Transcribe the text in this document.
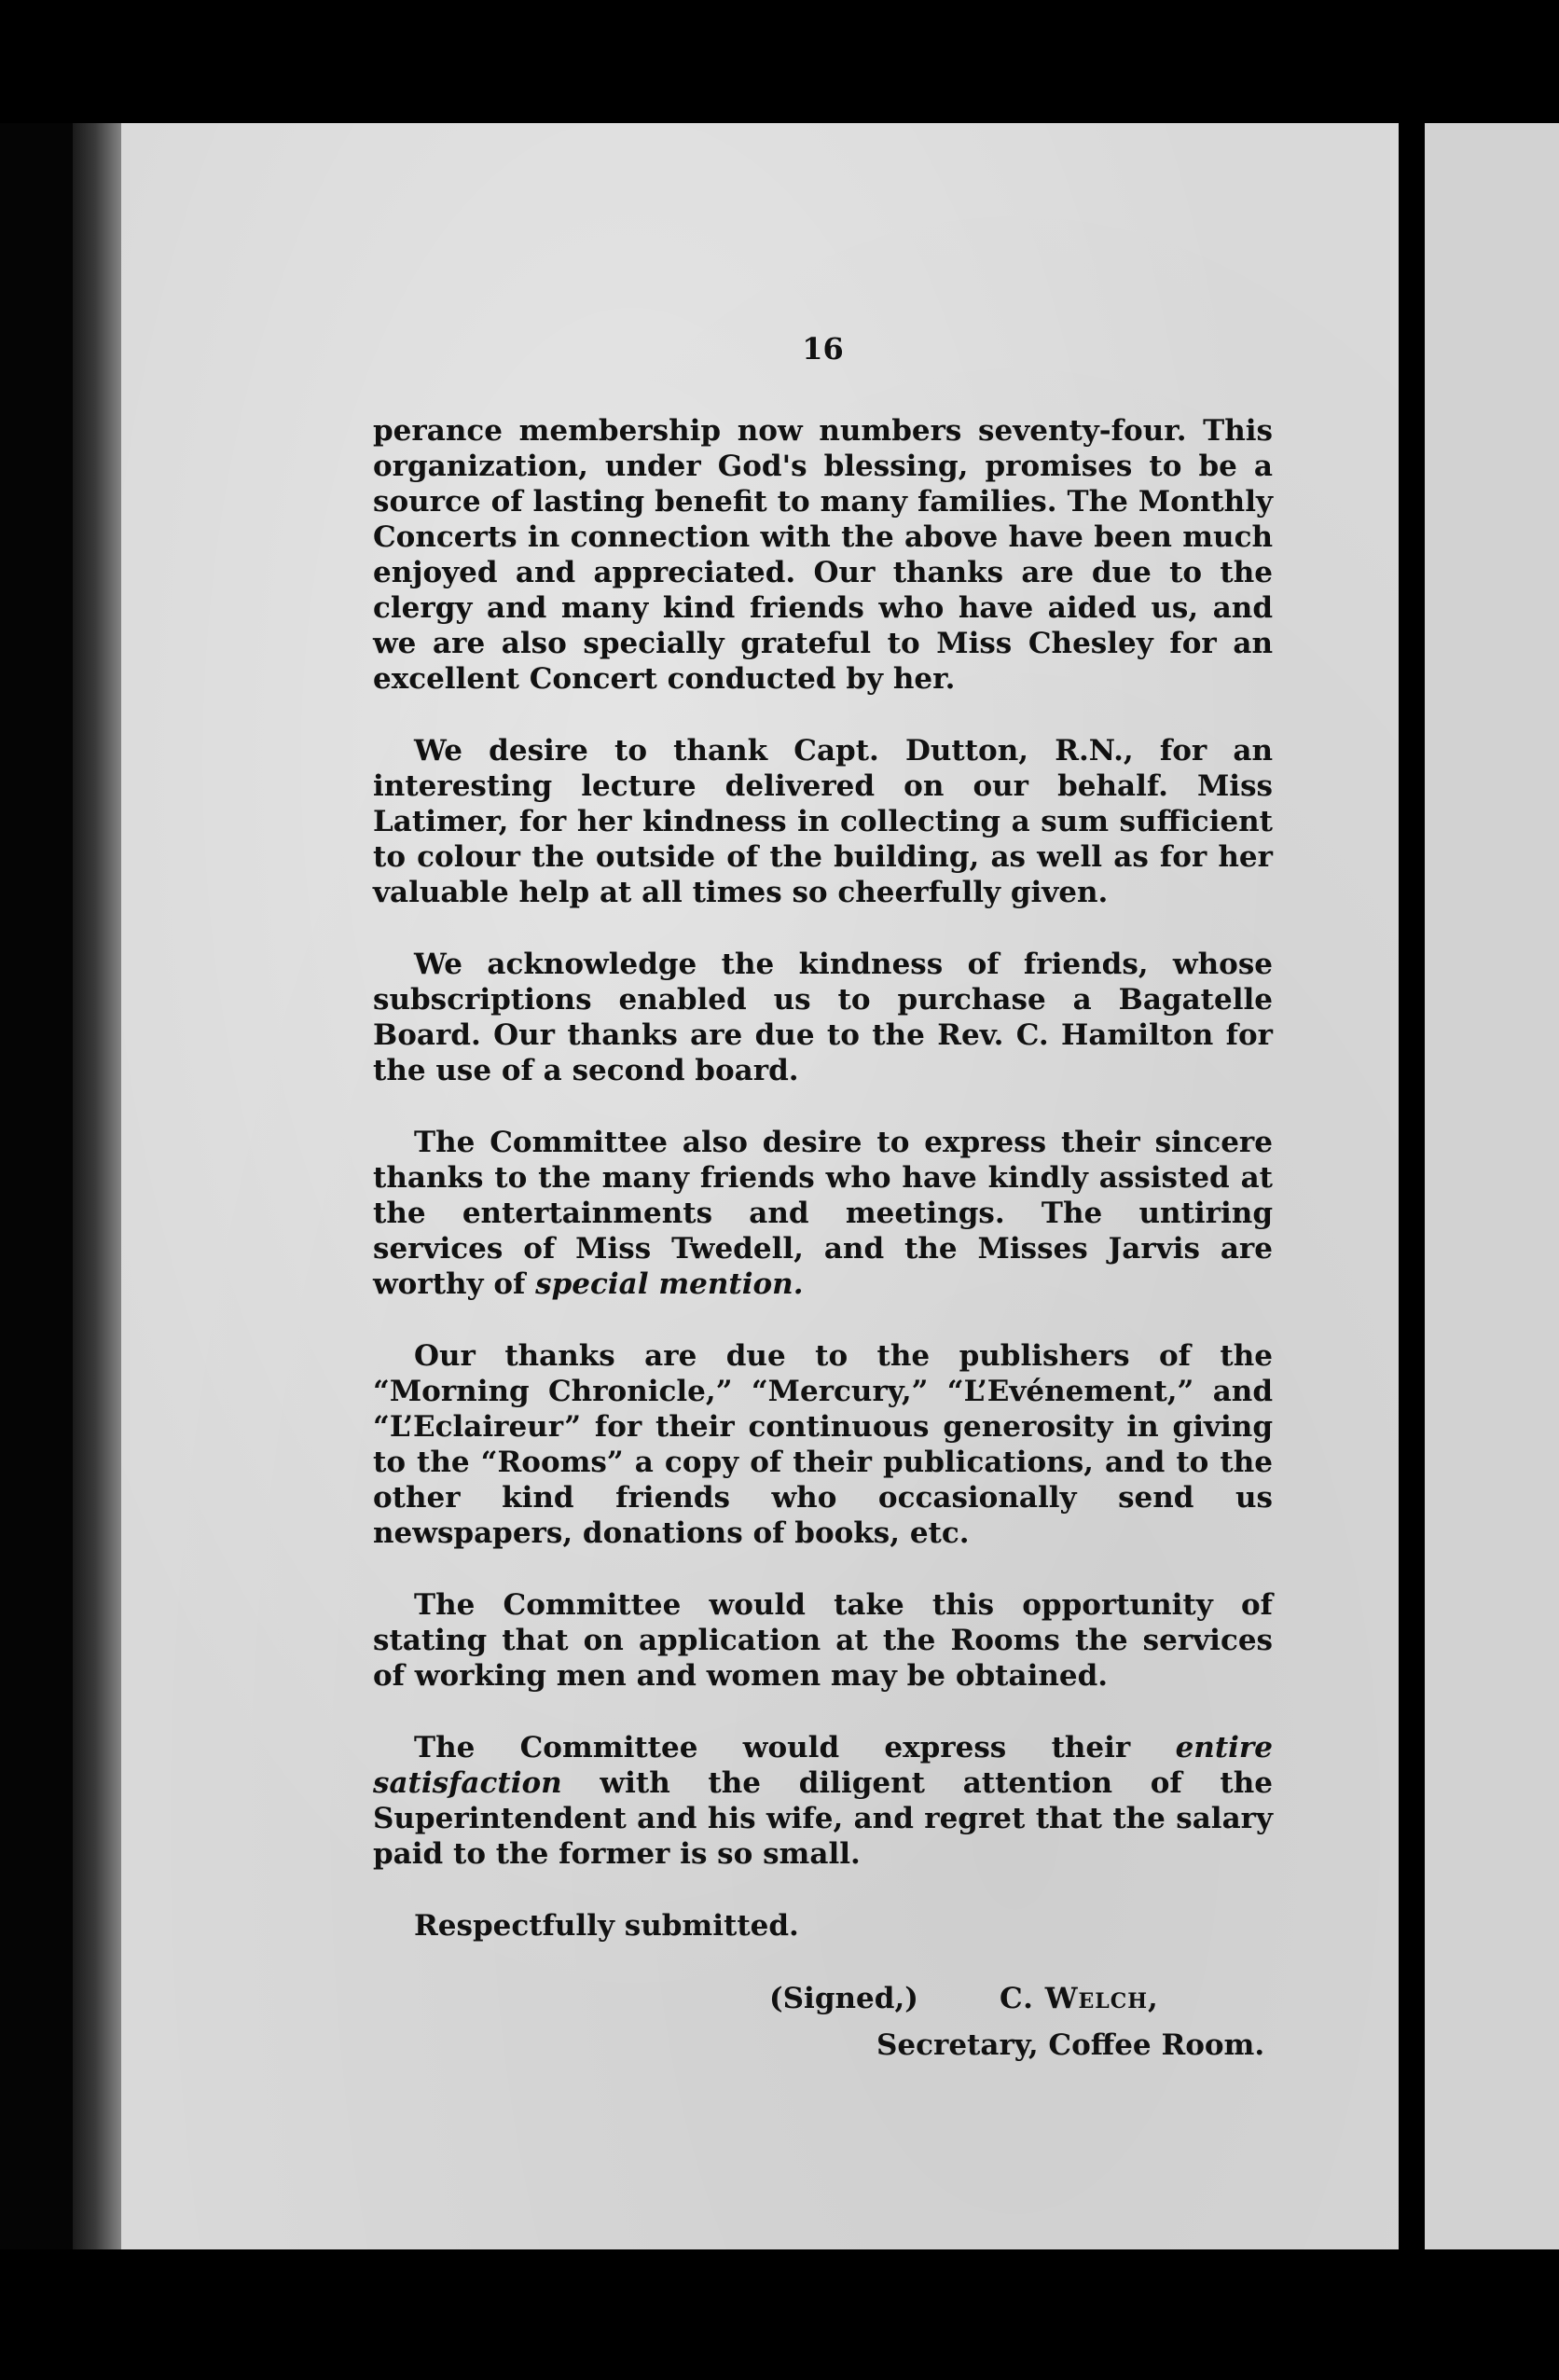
16

perance membership now numbers seventy-four. This organization, under God's blessing, promises to be a source of lasting benefit to many families. The Monthly Concerts in connection with the above have been much enjoyed and appreciated. Our thanks are due to the clergy and many kind friends who have aided us, and we are also specially grateful to Miss Chesley for an excellent Concert conducted by her.

We desire to thank Capt. Dutton, R.N., for an interesting lecture delivered on our behalf. Miss Latimer, for her kindness in collecting a sum sufficient to colour the outside of the building, as well as for her valuable help at all times so cheerfully given.

We acknowledge the kindness of friends, whose subscriptions enabled us to purchase a Bagatelle Board. Our thanks are due to the Rev. C. Hamilton for the use of a second board.

The Committee also desire to express their sincere thanks to the many friends who have kindly assisted at the entertainments and meetings. The untiring services of Miss Twedell, and the Misses Jarvis are worthy of special mention.

Our thanks are due to the publishers of the “Morning Chronicle,” “Mercury,” “L’Evénement,” and “L’Eclaireur” for their continuous generosity in giving to the “Rooms” a copy of their publications, and to the other kind friends who occasionally send us newspapers, donations of books, etc.

The Committee would take this opportunity of stating that on application at the Rooms the services of working men and women may be obtained.

The Committee would express their entire satisfaction with the diligent attention of the Superintendent and his wife, and regret that the salary paid to the former is so small.

Respectfully submitted.
(Signed,)	C. Welch,
Secretary, Coffee Room.
